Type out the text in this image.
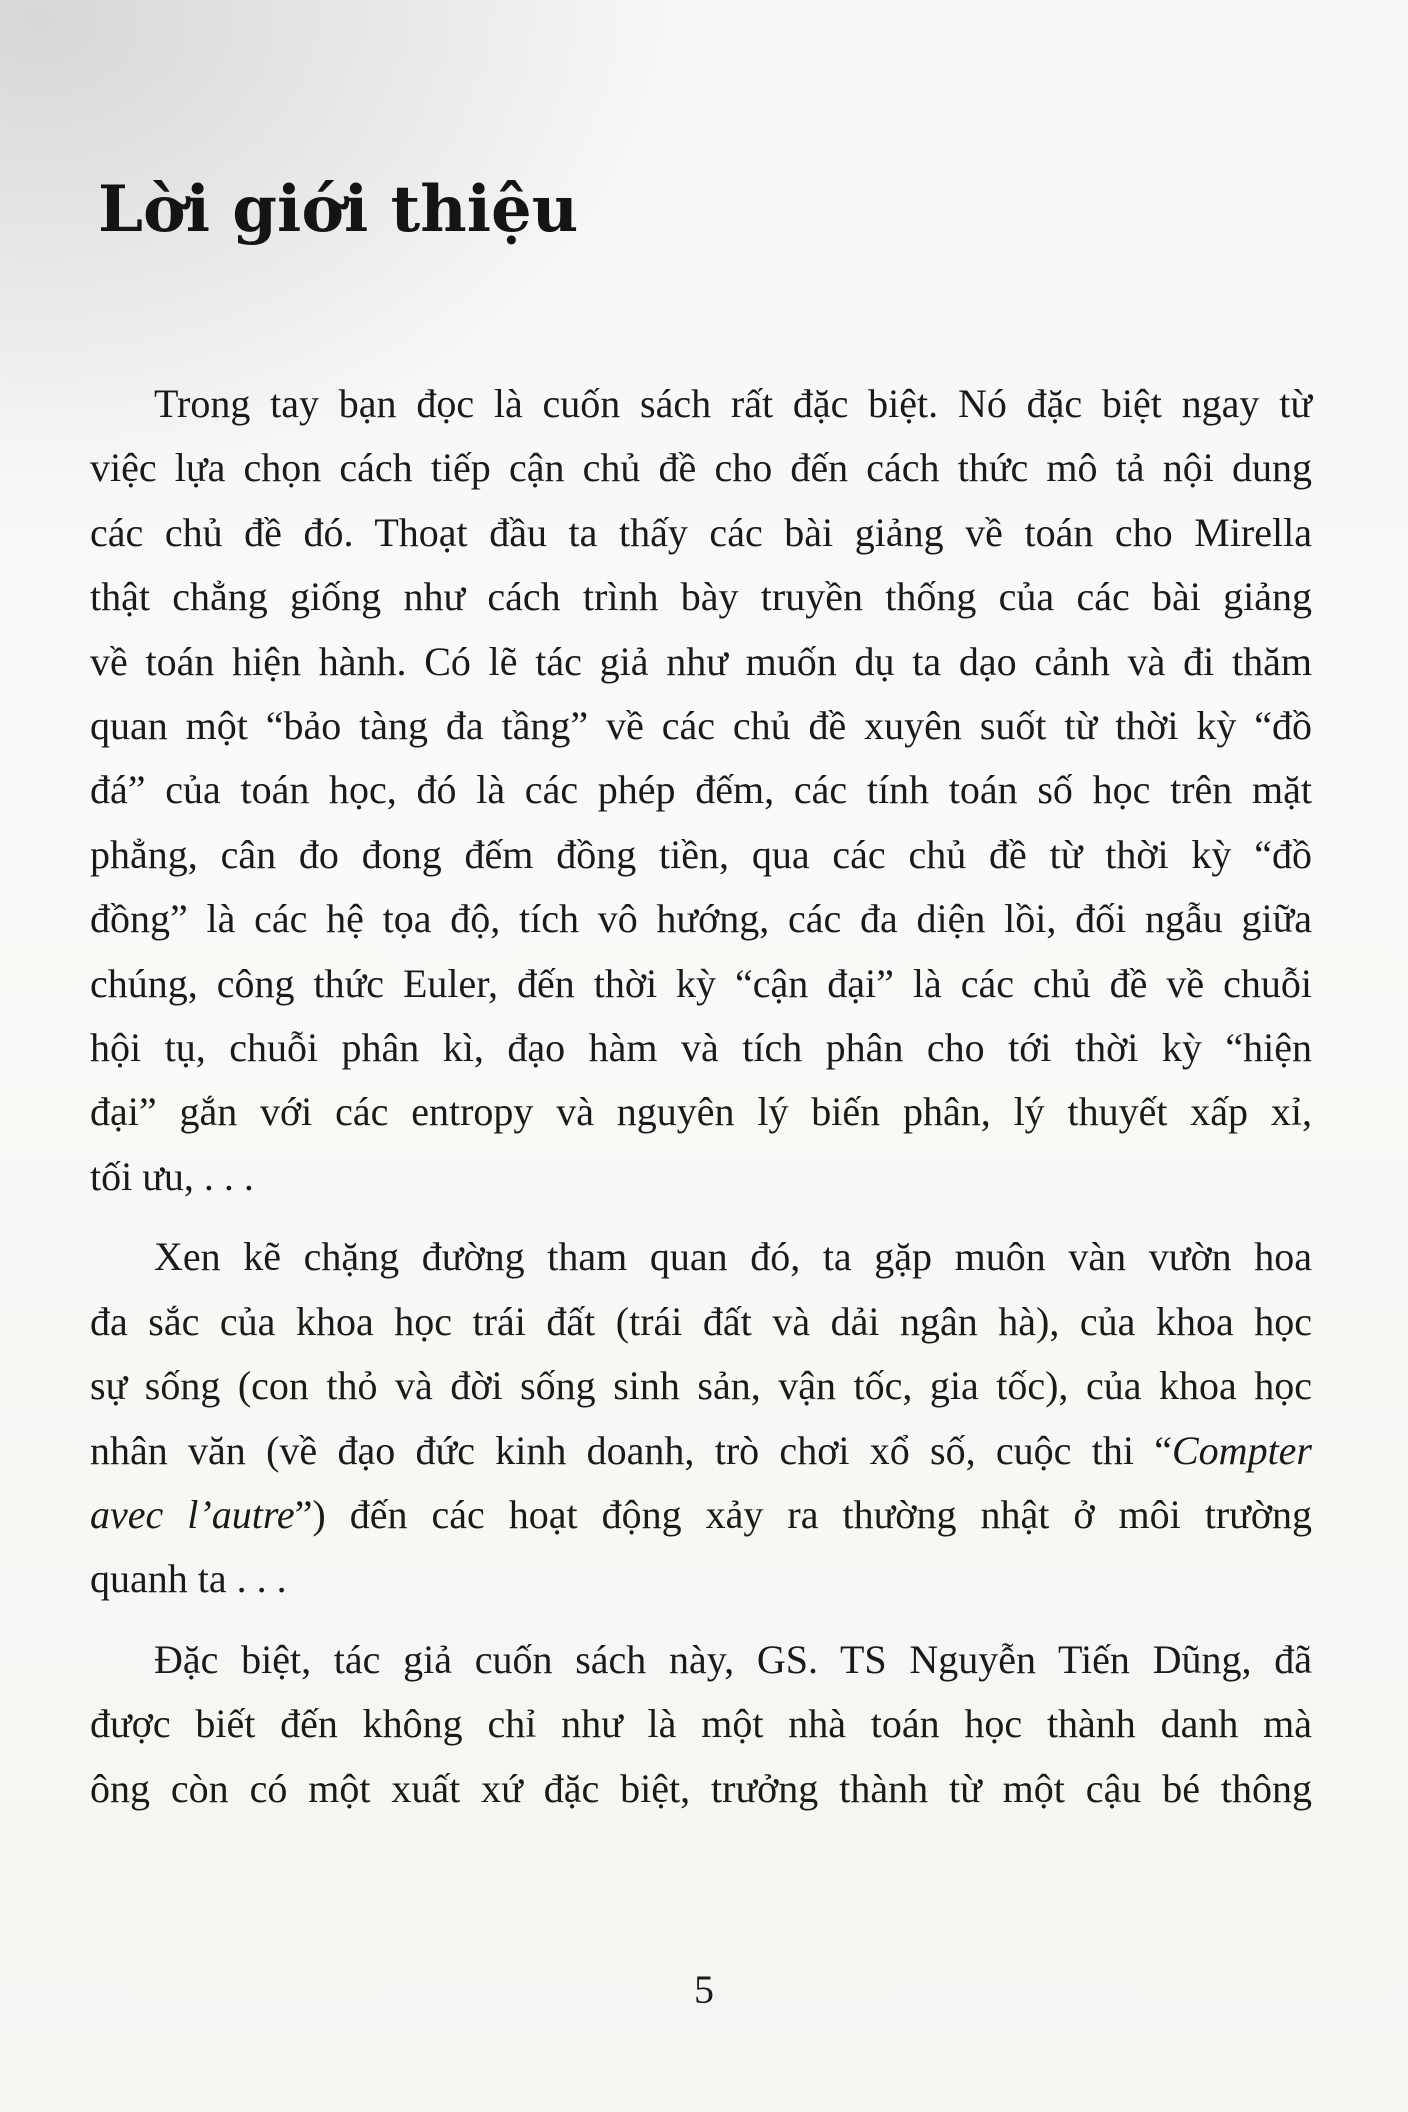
Lời giới thiệu
Trong tay bạn đọc là cuốn sách rất đặc biệt. Nó đặc biệt ngay từ
việc lựa chọn cách tiếp cận chủ đề cho đến cách thức mô tả nội dung
các chủ đề đó. Thoạt đầu ta thấy các bài giảng về toán cho Mirella
thật chẳng giống như cách trình bày truyền thống của các bài giảng
về toán hiện hành. Có lẽ tác giả như muốn dụ ta dạo cảnh và đi thăm
quan một “bảo tàng đa tầng” về các chủ đề xuyên suốt từ thời kỳ “đồ
đá” của toán học, đó là các phép đếm, các tính toán số học trên mặt
phẳng, cân đo đong đếm đồng tiền, qua các chủ đề từ thời kỳ “đồ
đồng” là các hệ tọa độ, tích vô hướng, các đa diện lồi, đối ngẫu giữa
chúng, công thức Euler, đến thời kỳ “cận đại” là các chủ đề về chuỗi
hội tụ, chuỗi phân kì, đạo hàm và tích phân cho tới thời kỳ “hiện
đại” gắn với các entropy và nguyên lý biến phân, lý thuyết xấp xỉ,
tối ưu, . . .
Xen kẽ chặng đường tham quan đó, ta gặp muôn vàn vườn hoa
đa sắc của khoa học trái đất (trái đất và dải ngân hà), của khoa học
sự sống (con thỏ và đời sống sinh sản, vận tốc, gia tốc), của khoa học
nhân văn (về đạo đức kinh doanh, trò chơi xổ số, cuộc thi “Compter
avec l’autre”) đến các hoạt động xảy ra thường nhật ở môi trường
quanh ta . . .
Đặc biệt, tác giả cuốn sách này, GS. TS Nguyễn Tiến Dũng, đã
được biết đến không chỉ như là một nhà toán học thành danh mà
ông còn có một xuất xứ đặc biệt, trưởng thành từ một cậu bé thông
5
